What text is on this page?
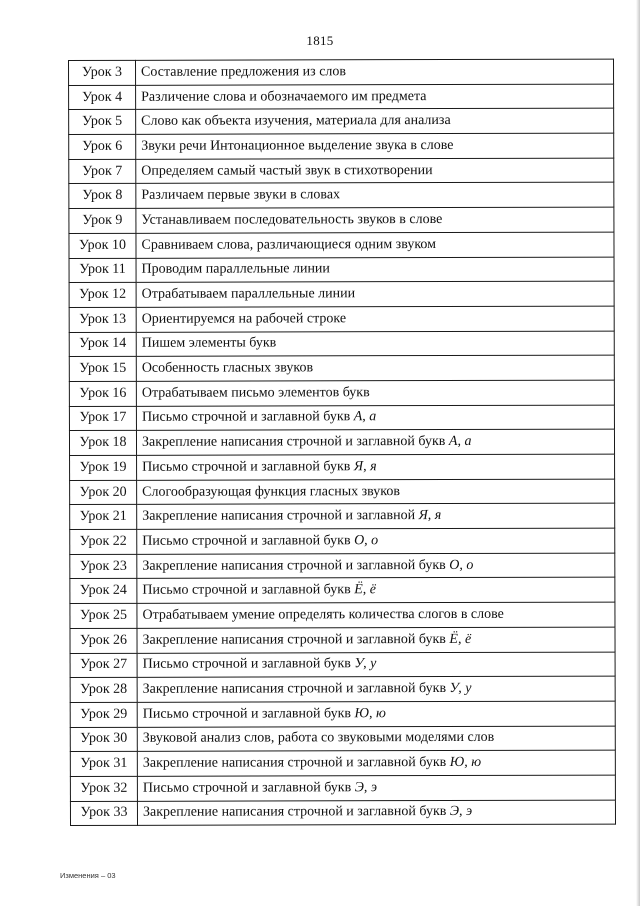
1815
Урок 3	Составление предложения из слов
Урок 4	Различение слова и обозначаемого им предмета
Урок 5	Слово как объекта изучения, материала для анализа
Урок 6	Звуки речи Интонационное выделение звука в слове
Урок 7	Определяем самый частый звук в стихотворении
Урок 8	Различаем первые звуки в словах
Урок 9	Устанавливаем последовательность звуков в слове
Урок 10	Сравниваем слова, различающиеся одним звуком
Урок 11	Проводим параллельные линии
Урок 12	Отрабатываем параллельные линии
Урок 13	Ориентируемся на рабочей строке
Урок 14	Пишем элементы букв
Урок 15	Особенность гласных звуков
Урок 16	Отрабатываем письмо элементов букв
Урок 17	Письмо строчной и заглавной букв А, а
Урок 18	Закрепление написания строчной и заглавной букв А, а
Урок 19	Письмо строчной и заглавной букв Я, я
Урок 20	Слогообразующая функция гласных звуков
Урок 21	Закрепление написания строчной и заглавной Я, я
Урок 22	Письмо строчной и заглавной букв О, о
Урок 23	Закрепление написания строчной и заглавной букв О, о
Урок 24	Письмо строчной и заглавной букв Ё, ё
Урок 25	Отрабатываем умение определять количества слогов в слове
Урок 26	Закрепление написания строчной и заглавной букв Ё, ё
Урок 27	Письмо строчной и заглавной букв У, у
Урок 28	Закрепление написания строчной и заглавной букв У, у
Урок 29	Письмо строчной и заглавной букв Ю, ю
Урок 30	Звуковой анализ слов, работа со звуковыми моделями слов
Урок 31	Закрепление написания строчной и заглавной букв Ю, ю
Урок 32	Письмо строчной и заглавной букв Э, э
Урок 33	Закрепление написания строчной и заглавной букв Э, э
Изменения – 03
